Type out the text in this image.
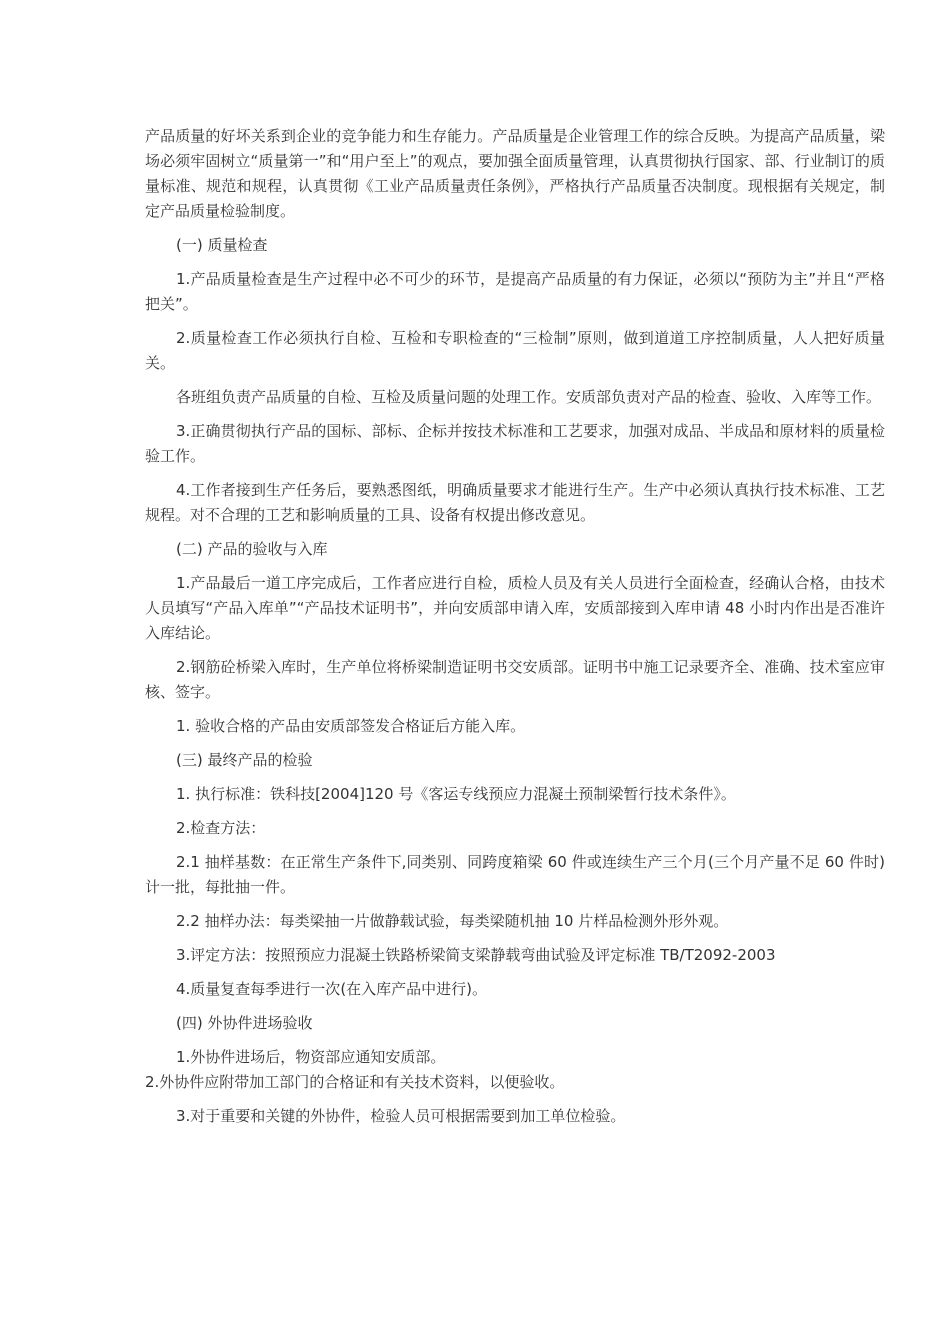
产品质量的好坏关系到企业的竞争能力和生存能力。产品质量是企业管理工作的综合反映。为提高产品质量，梁场必须牢固树立“质量第一”和“用户至上”的观点，要加强全面质量管理，认真贯彻执行国家、部、行业制订的质量标准、规范和规程，认真贯彻《工业产品质量责任条例》，严格执行产品质量否决制度。现根据有关规定，制定产品质量检验制度。

(一) 质量检查

1.产品质量检查是生产过程中必不可少的环节，是提高产品质量的有力保证，必须以“预防为主”并且“严格把关”。

2.质量检查工作必须执行自检、互检和专职检查的“三检制”原则，做到道道工序控制质量，人人把好质量关。

各班组负责产品质量的自检、互检及质量问题的处理工作。安质部负责对产品的检查、验收、入库等工作。

3.正确贯彻执行产品的国标、部标、企标并按技术标准和工艺要求，加强对成品、半成品和原材料的质量检验工作。

4.工作者接到生产任务后，要熟悉图纸，明确质量要求才能进行生产。生产中必须认真执行技术标准、工艺规程。对不合理的工艺和影响质量的工具、设备有权提出修改意见。

(二) 产品的验收与入库

1.产品最后一道工序完成后，工作者应进行自检，质检人员及有关人员进行全面检查，经确认合格，由技术人员填写“产品入库单”“产品技术证明书”，并向安质部申请入库，安质部接到入库申请 48 小时内作出是否准许入库结论。

2.钢筋砼桥梁入库时，生产单位将桥梁制造证明书交安质部。证明书中施工记录要齐全、准确、技术室应审核、签字。

1. 验收合格的产品由安质部签发合格证后方能入库。

(三) 最终产品的检验

1. 执行标准：铁科技[2004]120 号《客运专线预应力混凝土预制梁暂行技术条件》。

2.检查方法：

2.1 抽样基数：在正常生产条件下,同类别、同跨度箱梁 60 件或连续生产三个月(三个月产量不足 60 件时)计一批，每批抽一件。

2.2 抽样办法：每类梁抽一片做静载试验，每类梁随机抽 10 片样品检测外形外观。

3.评定方法：按照预应力混凝土铁路桥梁简支梁静载弯曲试验及评定标准 TB/T2092-2003

4.质量复查每季进行一次(在入库产品中进行)。

(四) 外协件进场验收

1.外协件进场后，物资部应通知安质部。

2.外协件应附带加工部门的合格证和有关技术资料，以便验收。

3.对于重要和关键的外协件，检验人员可根据需要到加工单位检验。
